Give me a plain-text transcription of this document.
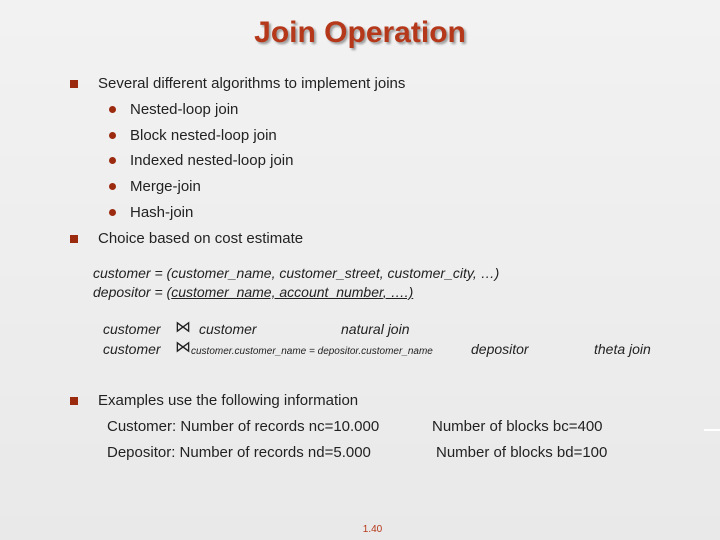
Join Operation
Several different algorithms to implement joins
Nested-loop join
Block nested-loop join
Indexed nested-loop join
Merge-join
Hash-join
Choice based on cost estimate
customer = (customer_name, customer_street, customer_city, …)
depositor = (customer_name, account_number, ….)
customer ⋈ customer	natural join
customer ⋈ customer.customer_name = depositor.customer_name	depositor	theta join
Examples use the following information
Customer: Number of records nc=10.000	Number of blocks bc=400
Depositor: Number of records nd=5.000	Number of blocks bd=100
1.40
